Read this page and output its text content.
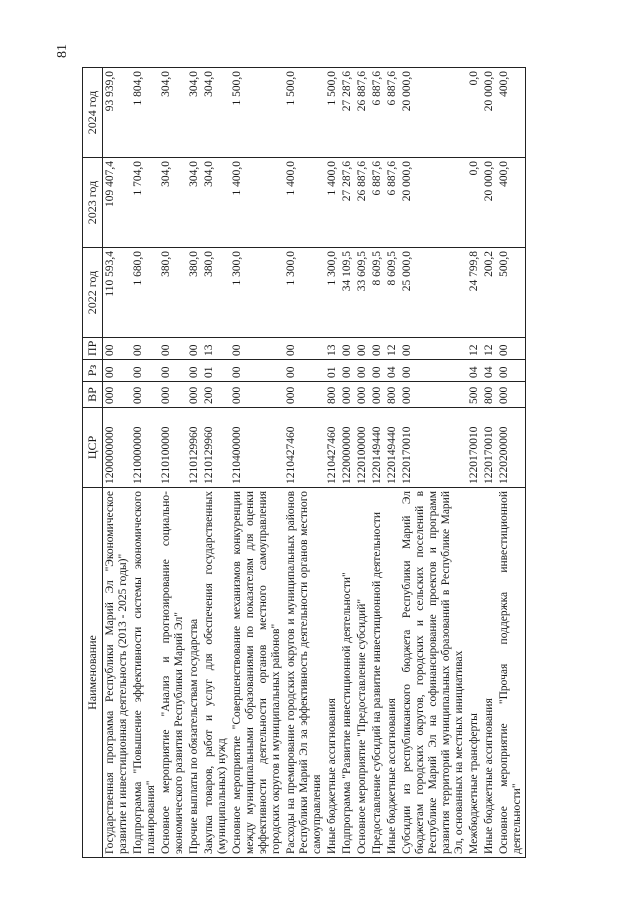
81
Наименование	ЦСР	ВР	Рз	ПР	2022 год	2023 год	2024 год
Государственная программа Республики Марий Эл "Экономическое развитие и инвестиционная деятельность (2013 - 2025 годы)"	1200000000	000	00	00	110 593,4	109 407,4	93 939,0
Подпрограмма "Повышение эффективности системы экономического планирования"	1210000000	000	00	00	1 680,0	1 704,0	1 804,0
Основное мероприятие "Анализ и прогнозирование социально-экономического развития Республики Марий Эл"	1210100000	000	00	00	380,0	304,0	304,0
Прочие выплаты по обязательствам государства	1210129960	000	00	00	380,0	304,0	304,0
Закупка товаров, работ и услуг для обеспечения государственных (муниципальных) нужд	1210129960	200	01	13	380,0	304,0	304,0
Основное мероприятие "Совершенствование механизмов конкуренции между муниципальными образованиями по показателям для оценки эффективности деятельности органов местного самоуправления городских округов и муниципальных районов"	1210400000	000	00	00	1 300,0	1 400,0	1 500,0
Расходы на премирование городских округов и муниципальных районов Республики Марий Эл за эффективность деятельности органов местного самоуправления	1210427460	000	00	00	1 300,0	1 400,0	1 500,0
Иные бюджетные ассигнования	1210427460	800	01	13	1 300,0	1 400,0	1 500,0
Подпрограмма "Развитие инвестиционной деятельности"	1220000000	000	00	00	34 109,5	27 287,6	27 287,6
Основное мероприятие "Предоставление субсидий"	1220100000	000	00	00	33 609,5	26 887,6	26 887,6
Предоставление субсидий на развитие инвестиционной деятельности	1220149440	000	00	00	8 609,5	6 887,6	6 887,6
Иные бюджетные ассигнования	1220149440	800	04	12	8 609,5	6 887,6	6 887,6
Субсидии из республиканского бюджета Республики Марий Эл бюджетам городских округов, городских и сельских поселений в Республике Марий Эл на софинансирование проектов и программ развития территорий муниципальных образований в Республике Марий Эл, основанных на местных инициативах	1220170010	000	00	00	25 000,0	20 000,0	20 000,0
Межбюджетные трансферты	1220170010	500	04	12	24 799,8	0,0	0,0
Иные бюджетные ассигнования	1220170010	800	04	12	200,2	20 000,0	20 000,0
Основное мероприятие "Прочая поддержка инвестиционной деятельности"	1220200000	000	00	00	500,0	400,0	400,0
